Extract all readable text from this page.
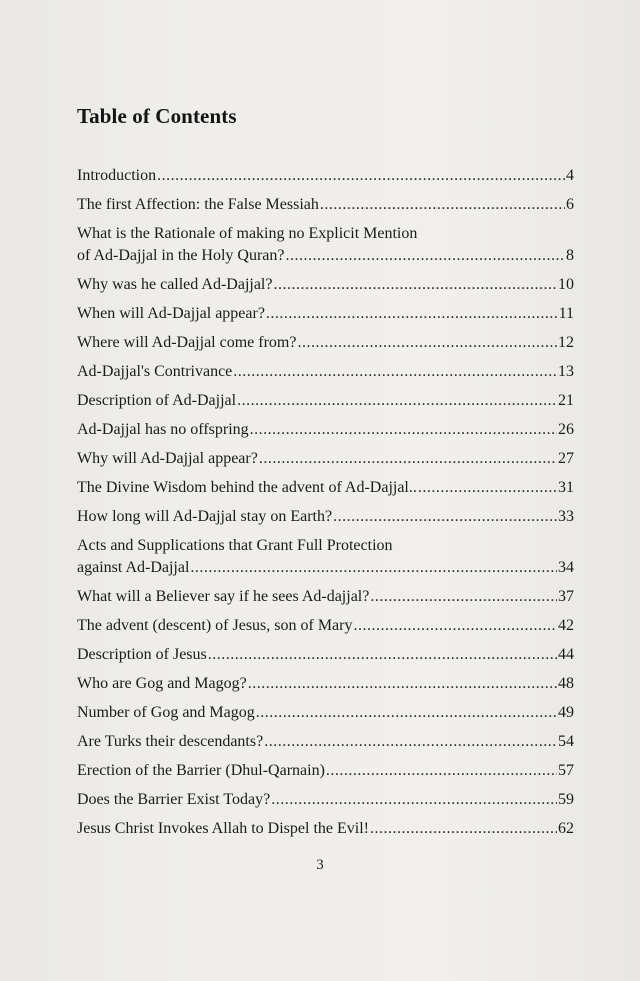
Table of Contents
Introduction .....	4
The first Affection: the False Messiah .....	6
What is the Rationale of making no Explicit Mention
of Ad-Dajjal in the Holy Quran? .....	8
Why was he called Ad-Dajjal? .....	10
When will Ad-Dajjal appear? .....	11
Where will Ad-Dajjal come from? .....	12
Ad-Dajjal's Contrivance .....	13
Description of Ad-Dajjal .....	21
Ad-Dajjal has no offspring .....	26
Why will Ad-Dajjal appear? .....	27
The Divine Wisdom behind the advent of Ad-Dajjal.. .....	31
How long will Ad-Dajjal stay on Earth? .....	33
Acts and Supplications that Grant Full Protection
against Ad-Dajjal .....	34
What will a Believer say if he sees Ad-dajjal? .....	37
The advent (descent) of Jesus, son of Mary .....	42
Description of Jesus .....	44
Who are Gog and Magog? .....	48
Number of Gog and Magog .....	49
Are Turks their descendants? .....	54
Erection of the Barrier (Dhul-Qarnain) .....	57
Does the Barrier Exist Today? .....	59
Jesus Christ Invokes Allah to Dispel the Evil! .....	62
3
